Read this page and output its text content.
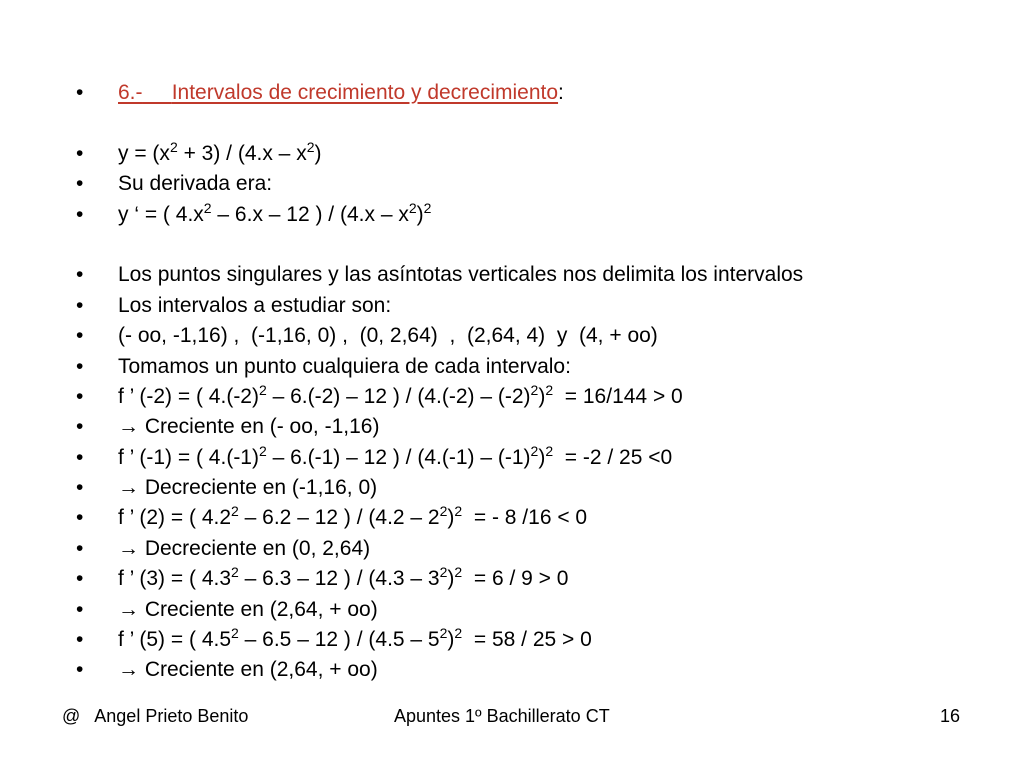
• 6.- Intervalos de crecimiento y decrecimiento:
• $y = (x^2 + 3) / (4.x - x^2)$
• Su derivada era:
• y ‘ = ( $4.x^2 - 6.x - 12$ ) / $(4.x - x^2)^2$
• Los puntos singulares y las asíntotas verticales nos delimita los intervalos
• Los intervalos a estudiar son:
• (- oo, -1,16) ,  (-1,16, 0) ,  (0, 2,64)  ,  (2,64, 4)  y  (4, + oo)
• Tomamos un punto cualquiera de cada intervalo:
• f ’ (-2) = ( $4.(-2)^2 - 6.(-2) - 12$ ) / $(4.(-2) - (-2)^2)^2 = 16/144 > 0$
• → Creciente en (- oo, -1,16)
• f ’ (-1) = ( $4.(-1)^2 - 6.(-1) - 12$ ) / $(4.(-1) - (-1)^2)^2 = -2 / 25 <0$
• → Decreciente en (-1,16, 0)
• f ’ (2) = ( $4.2^2 - 6.2 - 12$ ) / $(4.2 - 2^2)^2$  = - 8 /16 < 0
• → Decreciente en (0, 2,64)
• f ’ (3) = ( $4.3^2 - 6.3 - 12$ ) / $(4.3 - 3^2)^2 = 6 / 9 > 0$
• → Creciente en (2,64, + oo)
• f ’ (5) = ( $4.5^2 - 6.5 - 12$ ) / $(4.5 - 5^2)^2 = 58 / 25 > 0$
• → Creciente en (2,64, + oo)
@   Angel Prieto Benito	Apuntes 1º Bachillerato CT	16
